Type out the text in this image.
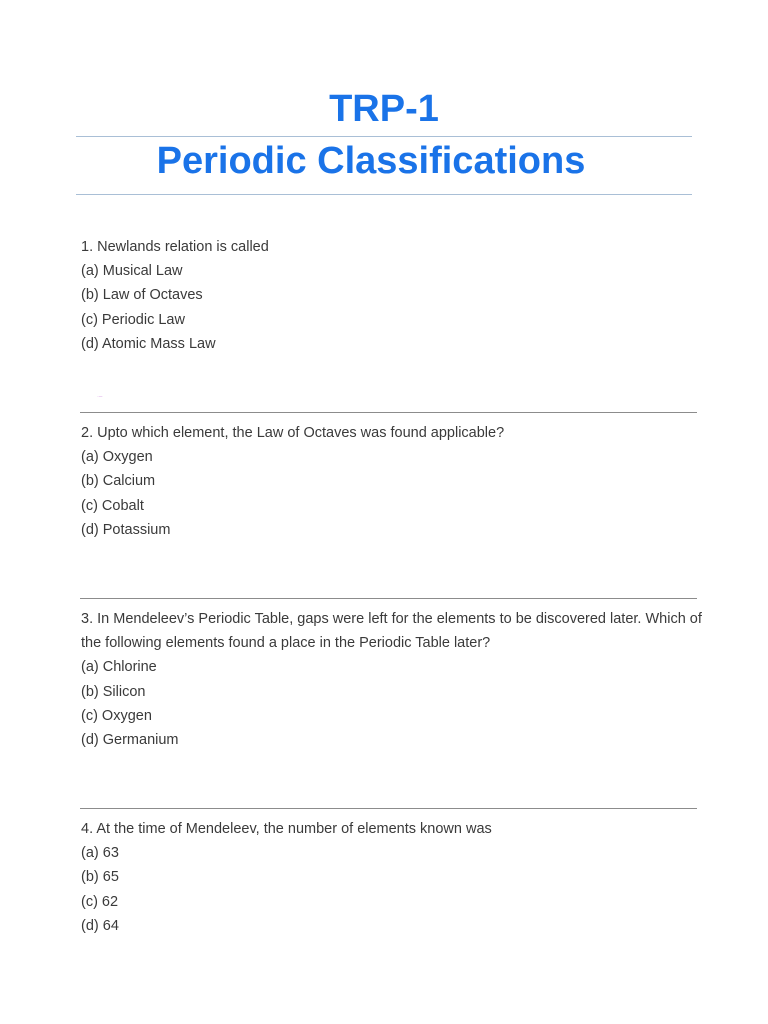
TRP-1
Periodic Classifications
1. Newlands relation is called
(a) Musical Law
(b) Law of Octaves
(c) Periodic Law
(d) Atomic Mass Law
·–
2. Upto which element, the Law of Octaves was found applicable?
(a) Oxygen
(b) Calcium
(c) Cobalt
(d) Potassium
3. In Mendeleev’s Periodic Table, gaps were left for the elements to be discovered later. Which of
the following elements found a place in the Periodic Table later?
(a) Chlorine
(b) Silicon
(c) Oxygen
(d) Germanium
4. At the time of Mendeleev, the number of elements known was
(a) 63
(b) 65
(c) 62
(d) 64
